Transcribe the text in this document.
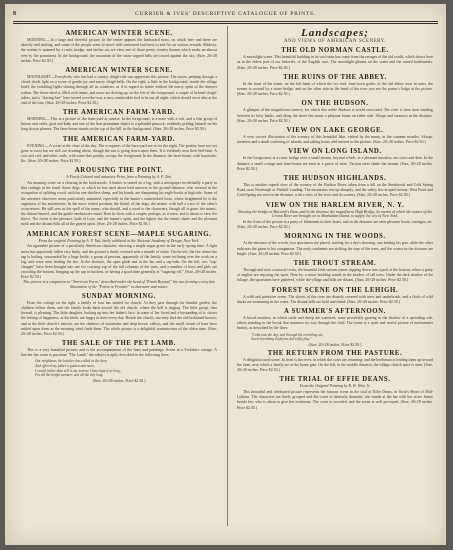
8	CURRIER & IVES' DESCRIPTIVE CATALOGUE OF PRINTS.
AMERICAN WINTER SCENE.

MORNING.—In a large and cheerful picture. In the center appears the landsward mass, on which here and there are sketchy and smiling, and some of the people seem to move with contented swiftness to and fro on various errands. Midway, the stream is spanned by a rustic bridge, and farther on, we view one of those pretty country houses which make an almost ever-fy the prominent. In the background, the mountain of the snow-capped hills are traced against the sky. (Size, 20×28 inches. Price $2.50.)

AMERICAN WINTER SCENE.

MOONLIGHT.—Everybody who has had a country sleigh-ride can appreciate this picture. The moon, peeping through a cloud, sheds light on a scene of gentle joy and merry sleigh-bells. On the right, a little in the background, stands the village hotel, the twinkling lights shining through all its windows, as if to regard its frame without the merry spirit of the dancers within. The horse-shed is filled with teams, and more are driving up, on the left of the foreground, a couple of belated sleigh-riders, and a "driving bee" have turned over-the-way a very comfortable bed to be out all night, which should serve also at the end of the tour. (Size, 20×28 inches. Price $2.50.)

THE AMERICAN FARM-YARD.

MORNING.—This is a picture of the farm-yard at sunrise. In the foreground, is a mare with a colt, and a fine group of horses and cattle, goat and kids; and one of the best prominent object is a splendid peacock, evidently priding himself on his long shown plumes. The farm-house stands on the top of the hill, in the background. (Size, 20×28 inches. Price $2.50.)

THE AMERICAN FARM-YARD.

EVENING.—A scene at the close of the day. The occupants of the barn-yard are in for the night. The poultry have not yet gone to roost but are still out strutting about, though the sun is going down upon them. It is evidently near their bed-time. A cow and calf, and other cattle, with some fine poultry, occupy the foreground. In the distance, the farm-house, with haystacks, &c. (Size, 20×28 inches. Price $2.50.)

AROUSING THE POINT.

A Finely Colored and attractive Print, from a Painting by A. F. Tait.

An amusing scene on a clearing in the backwoods. A hunter is seated on a log, with a newspaper incidentally a party in that cuttings in his hand. Some dogs, to which he has used about lead answers to the ground-distance, who seemed in the occupation of splitting wood, with his one shirtless sheep, and his hands, are sharpening his eagle-hooks at high tide. Some of the attentive observers seem particularly animated, especially in the hunter's outstretched form, where heightened he is the eagerness of his movements. In the more retired position, the bland, of the dogs, the master with half a trace of the other's occurrences. He still sees in the spell of the many, who should, and a word to the characters, though all is gone: the mimic, the distant-hunted, and the gentle unobtrusive mind. Here he lives with a couple, perhaps, as it were, and is about to view the forest. The forest is the pleasure, both of Lore, and the hunter's spirit, and the lighter but the mimic shade and the pleasant nook and the distant hills all of the gusted upon. (Size, 20×28 inches. Price $2.50.)

AMERICAN FOREST SCENE—MAPLE SUGARING.

From the original Painting by A. F. Tait, lately exhibited at the National Academy of Design, New York.

An agreeable picture of a peculiarly American character, showing a maple sugar grove in the early spring time. A light snow has apparently fallen very lately, and the ground is thinly covered with a mantle of white. On the left, the fire where the sap is boiling, surrounded by a large kettle, a group of persons, apparently of the family, some reclining over the work on a log, and some seen feeding the fire. In the distance, the open glade and in the far, and a sap-tubs. On the left, two "sap-chopper" have been brought into use for carrying sap of the tall columns of the trees, and a number of boys and girls are crowding the bottom, bringing up the sap in buckets, or having a good time generally at "sugaring-off." (Size, 20×28 inches. Price $2.50.)

This picture is a companion to "American Farm," described under the head of "Frank Beyond," the two forming a very fine illustration of the "Forest or Frontier" in character and winter.

SUNDAY MORNING.

From the cottage on the right, a family of four has started for church. As they pass through the humble garden, the children follow them, and the family looks back toward the old church, where the bell is ringing. The little group, thus formed, is pleasing. The little daughter, looking up into her father's face, in some of her loved and a bystanding of it, shows the feeling of happiness, as the birds, are happy in their every day. Beside the church, one may find the old-fashioned houses; and in the little church's interior, are the shadows of mountains and deep brown valleys, and the small clouds of haze have settled upon them as the morning wind finds them. The whole picture is a delightful reminiscence of the olden time. (Size, 20×28 inches. Price $2.50.)

THE SALE OF THE PET LAMB.

This is a very beautiful picture, and is the accompaniment of the lines and paintings. Scene in a Yorkshire cottage. A butcher has come to purchase "The Lamb," the subject is aptly described in the following lines:

Our neighbour, the butcher, has called at the door,
And offered my father a guinea and more;
I would rather than sell it, my sorrow I have kept it so long,
For all the bright summer, and all the day long.

(Size, 20×28 inches. Price $2.50.)

Landscapes;
AND VIEWS OF AMERICAN SCENERY.
THE OLD NORMAN CASTLE.

A moonlight scene. This beautiful building in its vast ruins has come from the ravages of the old world, which shows here as in the oldest part of our histories, of the English race. The moonlight gleams on the water and the ruined battlements. (Size, 20×28 inches. Price $2.50.)

THE RUINS OF THE ABBEY.

In the front of the scene, on the left bank of which the ivy-clad, time-worn gothic of the old abbey rises in ruins, the stream is crossed by a stone bridge, and on the other side in the bend of the river you see the pastor's lodge at the picture. (Size, 20×28 inches. Price $2.50.)

ON THE HUDSON.

A glimpse of the magnificent scenery for which this noble Hudson is world renowned. The river is here seen winding between its lofty banks, and along the shore lies many a pleasant home on either side. Sloops and steamers in the distance. (Size, 20×28 inches. Price $2.50.)

VIEW ON LAKE GEORGE.

A very correct illustration of the scenery of this beautiful lake, visited by the many, in the summer months. Sloops, steamers and a small scattering of islands, and sailing boats, add interest to the picture. (Size, 20×28 inches. Price $2.50.)

VIEW ON LONG ISLAND.

In the foreground, is a rustic bridge over a small stream, beyond which, in a pleasant meadow, are cows and deer. In the distance a small cottage and farm-house are seen in a grove of trees. Various trees shade the stream. (Size, 20×28 inches. Price $2.50.)

THE HUDSON HIGHLANDS.

This is another superb view of the scenery of the Hudson River, taken from a hill on the Steinbrook and Cold Spring Road, near Newburgh or Fishkill Landing. The mountains rise up abruptly, and the valley lies in quiet beauty. West Point and Cold Spring are seen in the distance, with a view of the river and its scenery. (Size, 20×28 inches. Price $2.50.)

VIEW ON THE HARLEM RIVER, N. Y.

Showing the bridge at Macomb's Dam, and in the distance the magnificent High Bridge, by means of which the waters of the Croton River are brought on to Manhattan Island, to supply the city of New York.

In the front of the picture is a party of fishermen in their boats, and in the distance are seen pleasure boats, carriages, etc. (Size, 20×28 inches. Price $2.50.)

MORNING IN THE WOODS.

At the entrance of the woods, two sportsmen are placed, starting for a day's shooting, one leading his gun, while the other indicates the game to his companion. The early sunbeams are striking the tops of the trees, and the waters in the distance are bright. (Size, 20×28 inches. Price $2.50.)

THE TROUT STREAM.

Through and over a mass of rocks, the beautiful little stream comes tripping down into a pool at the bottom, where a party of anglers are enjoying the sport. Near by, a rustic building stands in the shadow of tall trees. Under the dark shadow of the foliage, the sportsmen have gathered, while the village and hills are distant. (Size, 20×28 inches. Price $2.50.)

FOREST SCENE ON THE LEHIGH.

A wild and primitive scene. The shores of the river are densely covered with trees and underbrush, and a flock of wild ducks are swimming in the water. The distant hills are bold and tinted. (Size, 20×28 inches. Price $2.50.)

A SUMMER'S AFTERNOON.

A broad meadow, in which cattle and sheep are scattered, some peacefully grazing in the shadow of a spreading oak, others standing in the brook that murmurs its way through the field. The scene is a quiet and restful picture of midsummer beauty, as described by the lines:

"Calm was the day, and through the trembling air,
Sweet breathing Zephyrus did softly play."

(Size, 20×28 inches. Price $2.50.)

THE RETURN FROM THE PASTURE.

A delightful rural scene. In front is the river, to which the cows are returning; and the herdsman is leading them up toward the farm, near which a family are at the home gate. On the left, in the middle distance, the village church spire is seen. (Size, 20×28 inches. Price $2.50.)

THE TRIAL OF EFFIE DEANS.

From the Original Painting by R. W. Weir, Jr.

This beautiful and celebrated picture represents the famous scene in the trial of Effie Deans, in Scott's Heart of Mid-Lothian. The characters are finely grouped and the scene is intensely dramatic; she stands at the bar with her sister Jeanie beside her, who is about to give her testimony. The court is crowded, and the scene is well portrayed. (Size, 20×28 inches. Price $2.50.)
